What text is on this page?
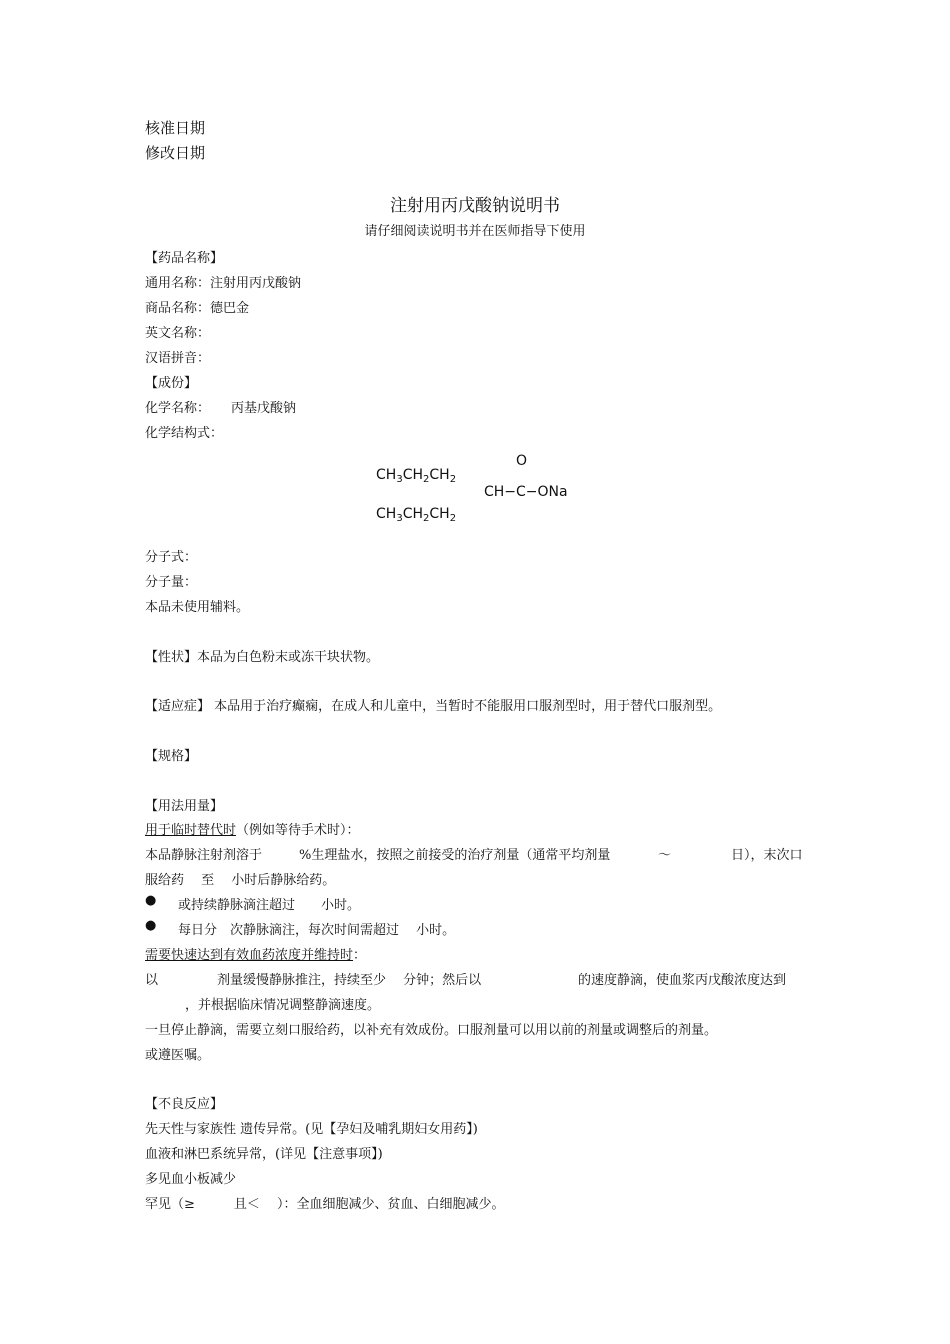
核准日期
修改日期
注射用丙戊酸钠说明书
请仔细阅读说明书并在医师指导下使用
【药品名称】
通用名称：注射用丙戊酸钠
商品名称：德巴金
英文名称：
汉语拼音：
【成份】
化学名称： 丙基戊酸钠
化学结构式：
O
$CH_3CH_2CH_2$
CH−C−ONa
$CH_3CH_2CH_2$
分子式：
分子量：
本品未使用辅料。
【性状】本品为白色粉末或冻干块状物。
【适应症】 本品用于治疗癫痫，在成人和儿童中，当暂时不能服用口服剂型时，用于替代口服剂型。
【规格】
【用法用量】
用于临时替代时（例如等待手术时）：
本品静脉注射剂溶于	%生理盐水，按照之前接受的治疗剂量（通常平均剂量	～	日），末次口
服给药　 至　 小时后静脉给药。
● 或持续静脉滴注超过　　小时。
● 每日分　次静脉滴注，每次时间需超过　 小时。
需要快速达到有效血药浓度并维持时：
以	剂量缓慢静脉推注，持续至少　 分钟；然后以	的速度静滴，使血浆丙戊酸浓度达到
，并根据临床情况调整静滴速度。
一旦停止静滴，需要立刻口服给药，以补充有效成份。口服剂量可以用以前的剂量或调整后的剂量。
或遵医嘱。
【不良反应】
先天性与家族性 遗传异常。(见【孕妇及哺乳期妇女用药】)
血液和淋巴系统异常，(详见【注意事项】)
多见血小板减少
罕见（≥　　　且＜　 ）：全血细胞减少、贫血、白细胞减少。
